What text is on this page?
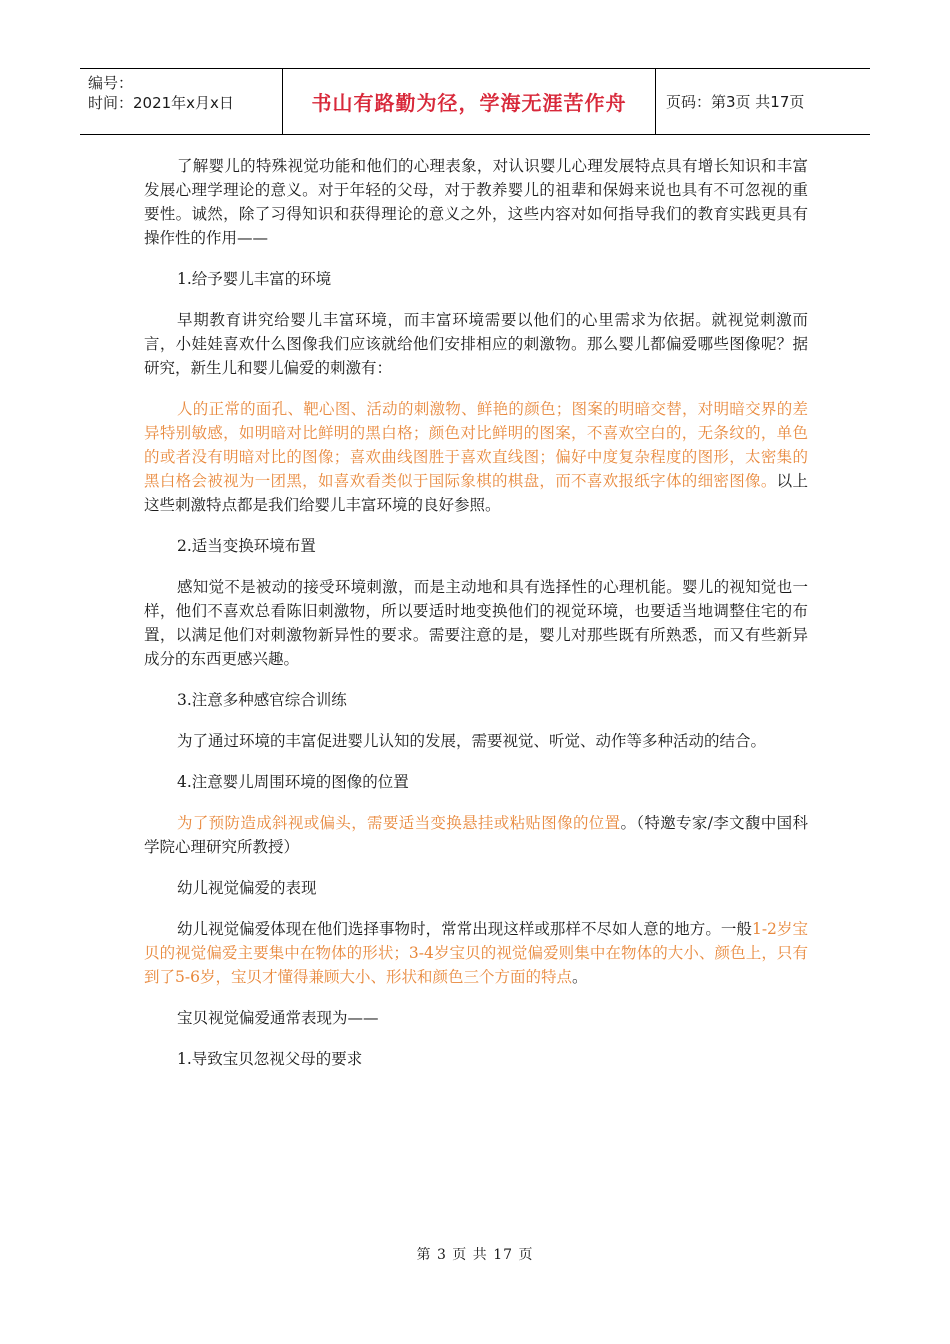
编号：
时间：2021年x月x日	书山有路勤为径，学海无涯苦作舟	页码：第3页 共17页

了解婴儿的特殊视觉功能和他们的心理表象，对认识婴儿心理发展特点具有增长知识和丰富发展心理学理论的意义。对于年轻的父母，对于教养婴儿的祖辈和保姆来说也具有不可忽视的重要性。诚然，除了习得知识和获得理论的意义之外，这些内容对如何指导我们的教育实践更具有操作性的作用——

1.给予婴儿丰富的环境

早期教育讲究给婴儿丰富环境，而丰富环境需要以他们的心里需求为依据。就视觉刺激而言，小娃娃喜欢什么图像我们应该就给他们安排相应的刺激物。那么婴儿都偏爱哪些图像呢？据研究，新生儿和婴儿偏爱的刺激有：

人的正常的面孔、靶心图、活动的刺激物、鲜艳的颜色；图案的明暗交替，对明暗交界的差异特别敏感，如明暗对比鲜明的黑白格；颜色对比鲜明的图案，不喜欢空白的，无条纹的，单色的或者没有明暗对比的图像；喜欢曲线图胜于喜欢直线图；偏好中度复杂程度的图形，太密集的黑白格会被视为一团黑，如喜欢看类似于国际象棋的棋盘，而不喜欢报纸字体的细密图像。以上这些刺激特点都是我们给婴儿丰富环境的良好参照。

2.适当变换环境布置

感知觉不是被动的接受环境刺激，而是主动地和具有选择性的心理机能。婴儿的视知觉也一样，他们不喜欢总看陈旧刺激物，所以要适时地变换他们的视觉环境，也要适当地调整住宅的布置，以满足他们对刺激物新异性的要求。需要注意的是，婴儿对那些既有所熟悉，而又有些新异成分的东西更感兴趣。

3.注意多种感官综合训练

为了通过环境的丰富促进婴儿认知的发展，需要视觉、听觉、动作等多种活动的结合。

4.注意婴儿周围环境的图像的位置

为了预防造成斜视或偏头，需要适当变换悬挂或粘贴图像的位置。（特邀专家/李文馥中国科学院心理研究所教授）

幼儿视觉偏爱的表现

幼儿视觉偏爱体现在他们选择事物时，常常出现这样或那样不尽如人意的地方。一般1-2岁宝贝的视觉偏爱主要集中在物体的形状；3-4岁宝贝的视觉偏爱则集中在物体的大小、颜色上，只有到了5-6岁，宝贝才懂得兼顾大小、形状和颜色三个方面的特点。

宝贝视觉偏爱通常表现为——

1.导致宝贝忽视父母的要求

第 3 页 共 17 页
